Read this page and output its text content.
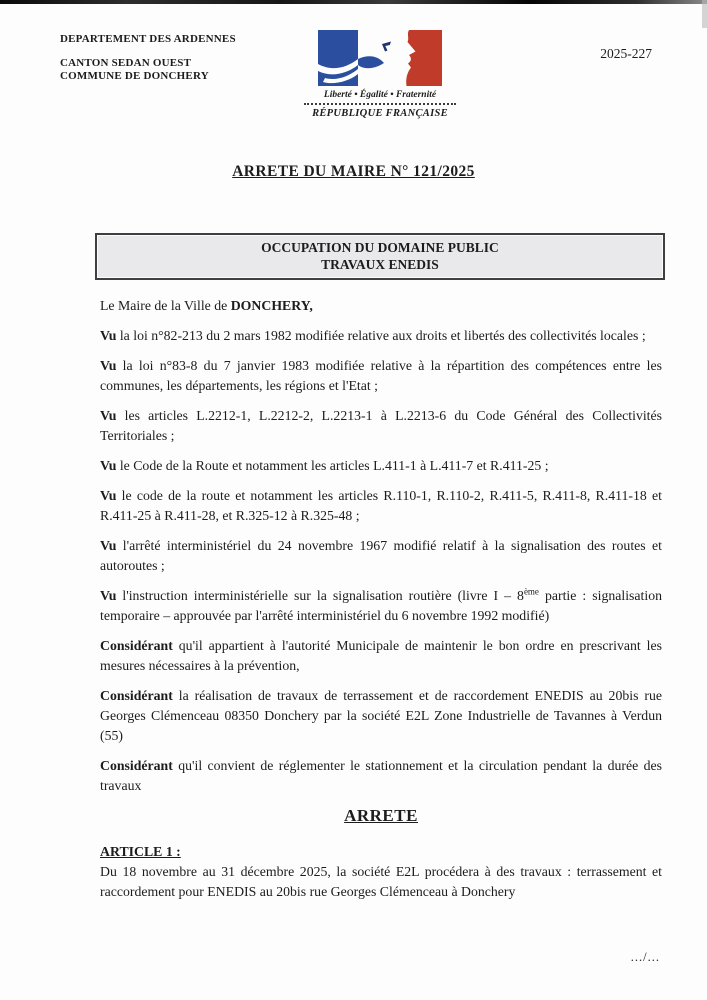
DEPARTEMENT DES ARDENNES
CANTON SEDAN OUEST
COMMUNE DE DONCHERY
2025-227
Liberté • Égalité • Fraternité
RÉPUBLIQUE FRANÇAISE
ARRETE DU MAIRE N° 121/2025
OCCUPATION DU DOMAINE PUBLIC
TRAVAUX ENEDIS

Le Maire de la Ville de DONCHERY,

Vu la loi n°82-213 du 2 mars 1982 modifiée relative aux droits et libertés des collectivités locales ;

Vu la loi n°83-8 du 7 janvier 1983 modifiée relative à la répartition des compétences entre les communes, les départements, les régions et l'Etat ;

Vu les articles L.2212-1, L.2212-2, L.2213-1 à L.2213-6 du Code Général des Collectivités Territoriales ;

Vu le Code de la Route et notamment les articles L.411-1 à L.411-7 et R.411-25 ;

Vu le code de la route et notamment les articles R.110-1, R.110-2, R.411-5, R.411-8, R.411-18 et R.411-25 à R.411-28, et R.325-12 à R.325-48 ;

Vu l'arrêté interministériel du 24 novembre 1967 modifié relatif à la signalisation des routes et autoroutes ;

Vu l'instruction interministérielle sur la signalisation routière (livre I – 8ème partie : signalisation temporaire – approuvée par l'arrêté interministériel du 6 novembre 1992 modifié)

Considérant qu'il appartient à l'autorité Municipale de maintenir le bon ordre en prescrivant les mesures nécessaires à la prévention,

Considérant la réalisation de travaux de terrassement et de raccordement ENEDIS au 20bis rue Georges Clémenceau 08350 Donchery par la société E2L Zone Industrielle de Tavannes à Verdun (55)

Considérant qu'il convient de réglementer le stationnement et la circulation pendant la durée des travaux

ARRETE

ARTICLE 1 :
Du 18 novembre au 31 décembre 2025, la société E2L procédera à des travaux : terrassement et raccordement pour ENEDIS au 20bis rue Georges Clémenceau à Donchery

.../...
